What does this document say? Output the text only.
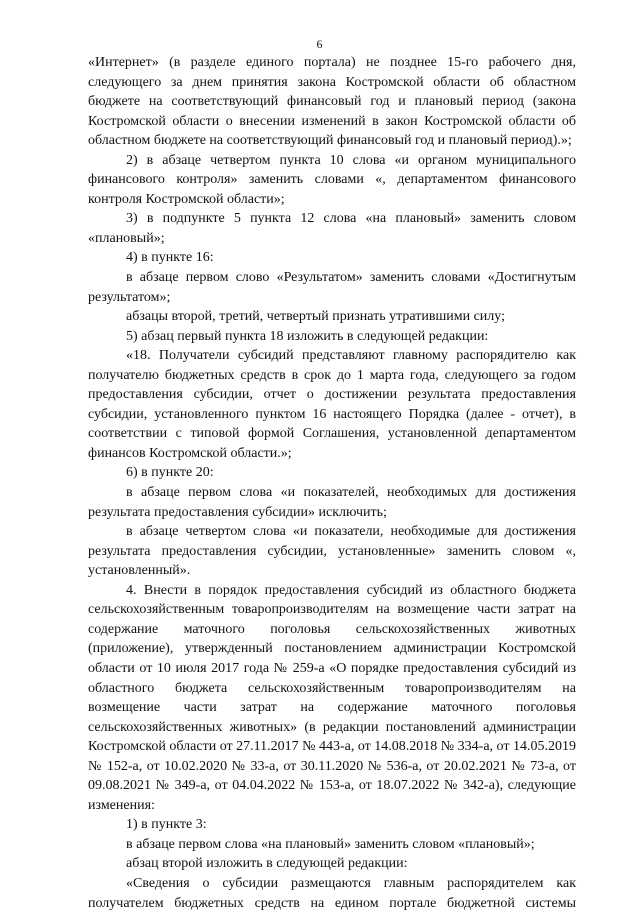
6

«Интернет» (в разделе единого портала) не позднее 15-го рабочего дня, следующего за днем принятия закона Костромской области об областном бюджете на соответствующий финансовый год и плановый период (закона Костромской области о внесении изменений в закон Костромской области об областном бюджете на соответствующий финансовый год и плановый период).»;

2) в абзаце четвертом пункта 10 слова «и органом муниципального финансового контроля» заменить словами «, департаментом финансового контроля Костромской области»;

3) в подпункте 5 пункта 12 слова «на плановый» заменить словом «плановый»;

4) в пункте 16:

в абзаце первом слово «Результатом» заменить словами «Достигнутым результатом»;

абзацы второй, третий, четвертый признать утратившими силу;

5) абзац первый пункта 18 изложить в следующей редакции:

«18. Получатели субсидий представляют главному распорядителю как получателю бюджетных средств в срок до 1 марта года, следующего за годом предоставления субсидии, отчет о достижении результата предоставления субсидии, установленного пунктом 16 настоящего Порядка (далее - отчет), в соответствии с типовой формой Соглашения, установленной департаментом финансов Костромской области.»;

6) в пункте 20:

в абзаце первом слова «и показателей, необходимых для достижения результата предоставления субсидии» исключить;

в абзаце четвертом слова «и показатели, необходимые для достижения результата предоставления субсидии, установленные» заменить словом «, установленный».

4. Внести в порядок предоставления субсидий из областного бюджета сельскохозяйственным товаропроизводителям на возмещение части затрат на содержание маточного поголовья сельскохозяйственных животных (приложение), утвержденный постановлением администрации Костромской области от 10 июля 2017 года № 259-а «О порядке предоставления субсидий из областного бюджета сельскохозяйственным товаропроизводителям на возмещение части затрат на содержание маточного поголовья сельскохозяйственных животных» (в редакции постановлений администрации Костромской области от 27.11.2017 № 443-а, от 14.08.2018 № 334-а, от 14.05.2019 № 152-а, от 10.02.2020 № 33-а, от 30.11.2020 № 536-а, от 20.02.2021 № 73-а, от 09.08.2021 № 349-а, от 04.04.2022 № 153-а, от 18.07.2022 № 342-а), следующие изменения:

1) в пункте 3:

в абзаце первом слова «на плановый» заменить словом «плановый»;

абзац второй изложить в следующей редакции:

«Сведения о субсидии размещаются главным распорядителем как получателем бюджетных средств на едином портале бюджетной системы
